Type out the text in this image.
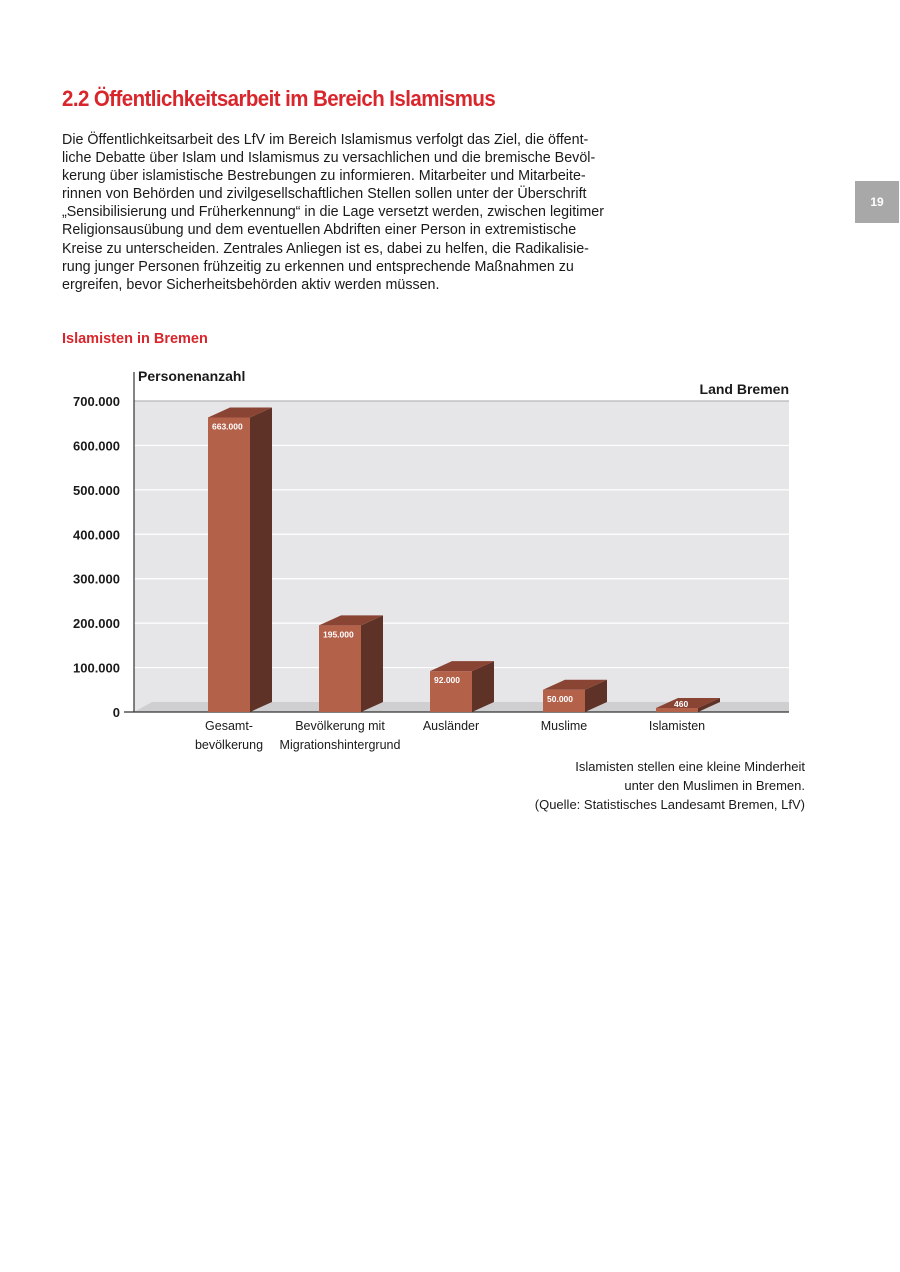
2.2 Öffentlichkeitsarbeit im Bereich Islamismus
Die Öffentlichkeitsarbeit des LfV im Bereich Islamismus verfolgt das Ziel, die öffent-
liche Debatte über Islam und Islamismus zu versachlichen und die bremische Bevöl-
kerung über islamistische Bestrebungen zu informieren. Mitarbeiter und Mitarbeite-
rinnen von Behörden und zivilgesellschaftlichen Stellen sollen unter der Überschrift
„Sensibilisierung und Früherkennung“ in die Lage versetzt werden, zwischen legitimer
Religionsausübung und dem eventuellen Abdriften einer Person in extremistische
Kreise zu unterscheiden. Zentrales Anliegen ist es, dabei zu helfen, die Radikalisie-
rung junger Personen frühzeitig zu erkennen und entsprechende Maßnahmen zu
ergreifen, bevor Sicherheitsbehörden aktiv werden müssen.
19
Islamisten in Bremen
0
100.000
200.000
300.000
400.000
500.000
600.000
700.000
Personenanzahl
Land Bremen
663.000
Gesamt-
bevölkerung
195.000
Bevölkerung mit
Migrationshintergrund
92.000
Ausländer
50.000
Muslime
460
Islamisten
Islamisten stellen eine kleine Minderheit
unter den Muslimen in Bremen.
(Quelle: Statistisches Landesamt Bremen, LfV)
